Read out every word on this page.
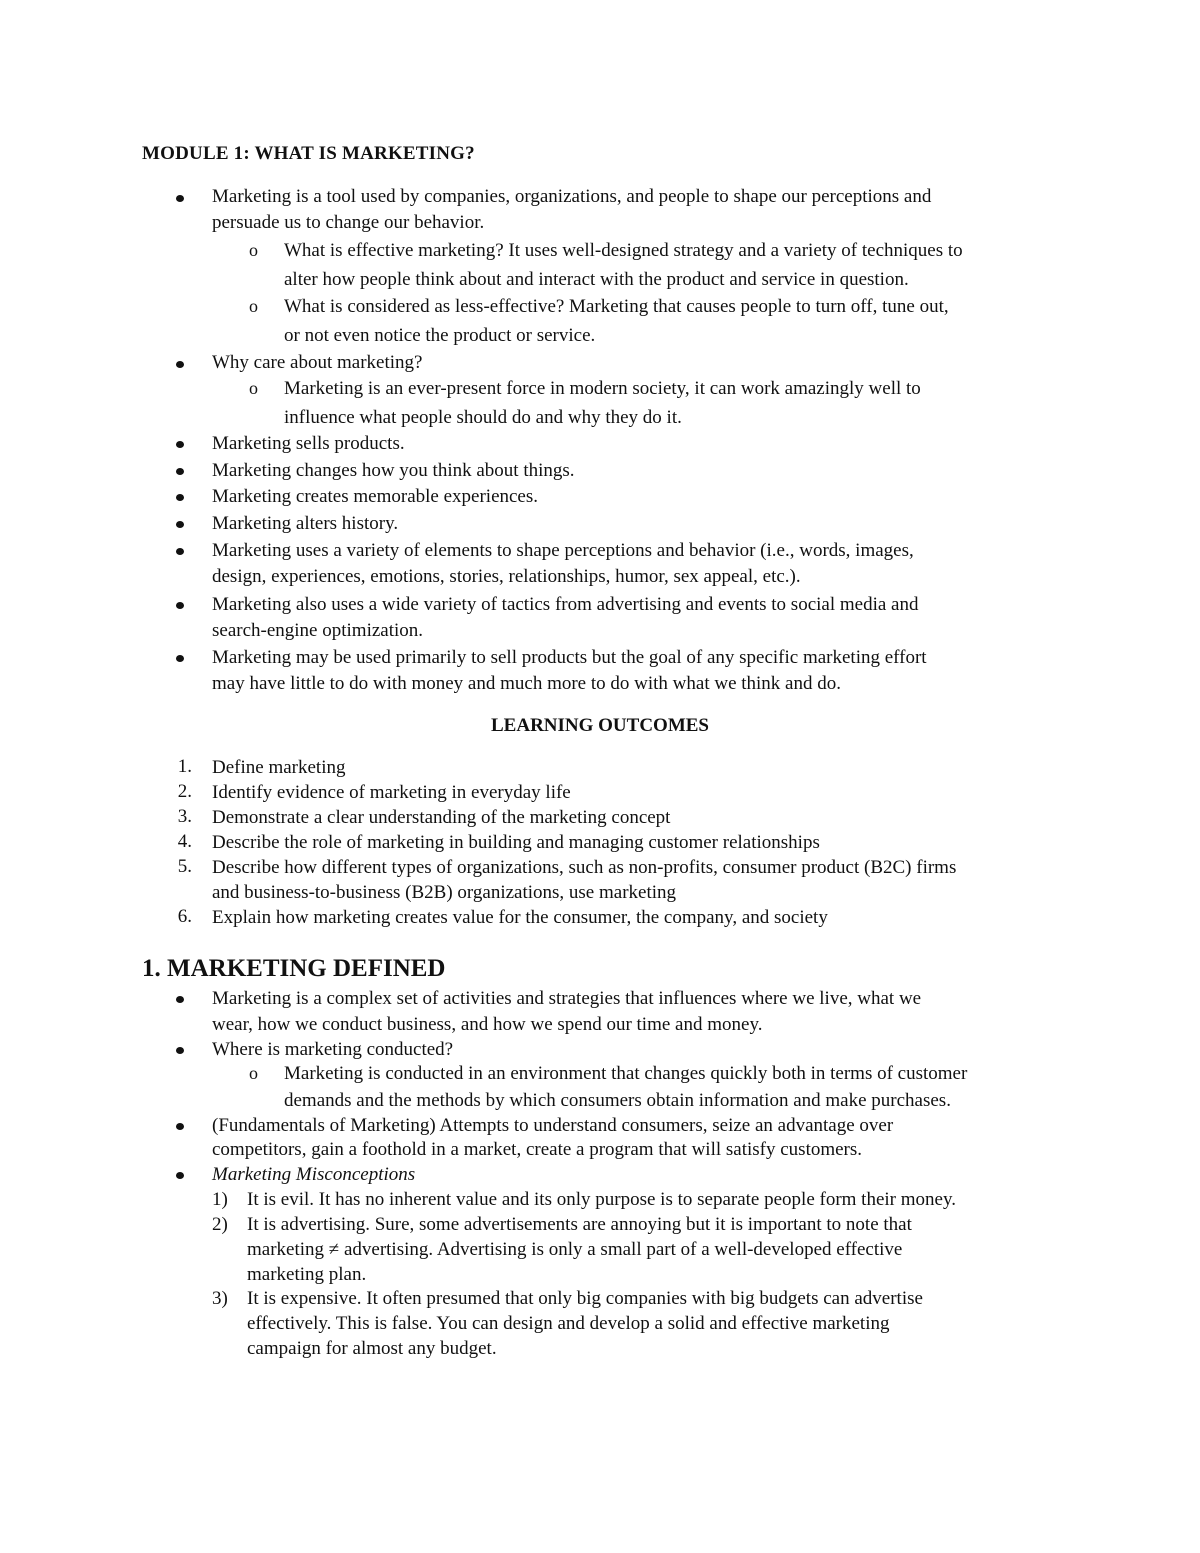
MODULE 1: WHAT IS MARKETING?
Marketing is a tool used by companies, organizations, and people to shape our perceptions and
persuade us to change our behavior.
o What is effective marketing? It uses well-designed strategy and a variety of techniques to
alter how people think about and interact with the product and service in question.
o What is considered as less-effective? Marketing that causes people to turn off, tune out,
or not even notice the product or service.
Why care about marketing?
o Marketing is an ever-present force in modern society, it can work amazingly well to
influence what people should do and why they do it.
Marketing sells products.
Marketing changes how you think about things.
Marketing creates memorable experiences.
Marketing alters history.
Marketing uses a variety of elements to shape perceptions and behavior (i.e., words, images,
design, experiences, emotions, stories, relationships, humor, sex appeal, etc.).
Marketing also uses a wide variety of tactics from advertising and events to social media and
search-engine optimization.
Marketing may be used primarily to sell products but the goal of any specific marketing effort
may have little to do with money and much more to do with what we think and do.
LEARNING OUTCOMES
1. Define marketing
2. Identify evidence of marketing in everyday life
3. Demonstrate a clear understanding of the marketing concept
4. Describe the role of marketing in building and managing customer relationships
5. Describe how different types of organizations, such as non-profits, consumer product (B2C) firms
and business-to-business (B2B) organizations, use marketing
6. Explain how marketing creates value for the consumer, the company, and society
1. MARKETING DEFINED
Marketing is a complex set of activities and strategies that influences where we live, what we
wear, how we conduct business, and how we spend our time and money.
Where is marketing conducted?
o Marketing is conducted in an environment that changes quickly both in terms of customer
demands and the methods by which consumers obtain information and make purchases.
(Fundamentals of Marketing) Attempts to understand consumers, seize an advantage over
competitors, gain a foothold in a market, create a program that will satisfy customers.
Marketing Misconceptions
1) It is evil. It has no inherent value and its only purpose is to separate people form their money.
2) It is advertising. Sure, some advertisements are annoying but it is important to note that
marketing ≠ advertising. Advertising is only a small part of a well-developed effective
marketing plan.
3) It is expensive. It often presumed that only big companies with big budgets can advertise
effectively. This is false. You can design and develop a solid and effective marketing
campaign for almost any budget.
